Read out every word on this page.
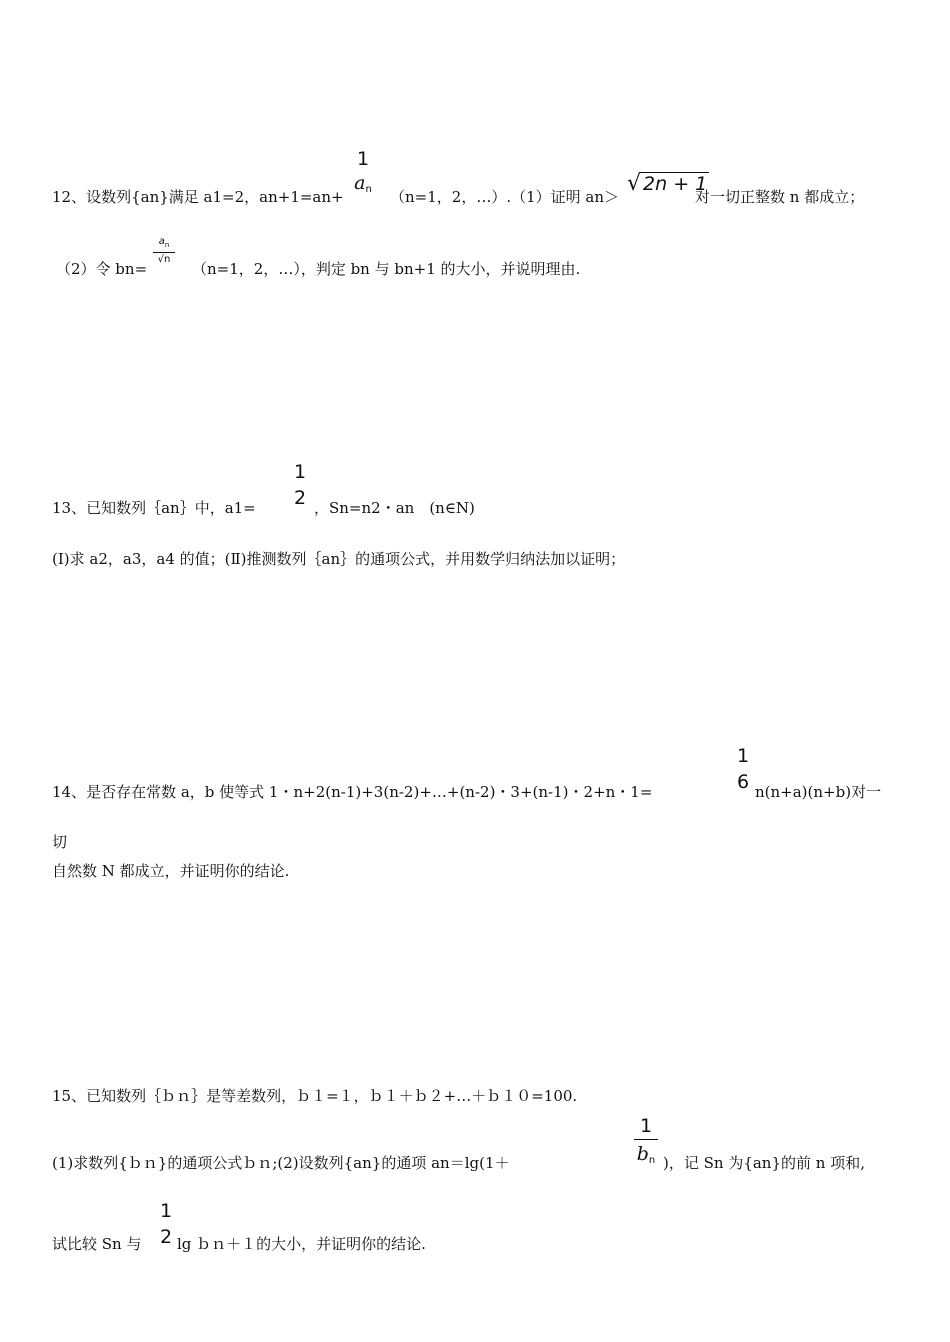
12、设数列{an}满足 a1=2，an+1=an+
1
$a_n$ （n=1，2，…）.（1）证明 an＞
√ 2n + 1
对一切正整数 n 都成立；
（2）令 bn=
$a_n$
√n
（n=1，2，…），判定 bn 与 bn+1 的大小，并说明理由.
13、已知数列｛an｝中，a1=
1
2 ，Sn=n2・an　(n∈N)
(Ⅰ)求 a2，a3，a4 的值；(Ⅱ)推测数列｛an｝的通项公式，并用数学归纳法加以证明；
14、是否存在常数 a，b 使等式 1・n+2(n-1)+3(n-2)+…+(n-2)・3+(n-1)・2+n・1=
1
6 n(n+a)(n+b)对一
切
自然数 N 都成立，并证明你的结论.
15、已知数列｛ｂｎ｝是等差数列，ｂ１=１，ｂ１＋ｂ２+…＋ｂ１０=100.
(1)求数列{ｂｎ}的通项公式ｂｎ;(2)设数列{an}的通项 an＝lg(1＋
1
$b_n$ )，记 Sn 为{an}的前 n 项和,
试比较 Sn 与
1
2 lg ｂｎ＋１的大小，并证明你的结论.
